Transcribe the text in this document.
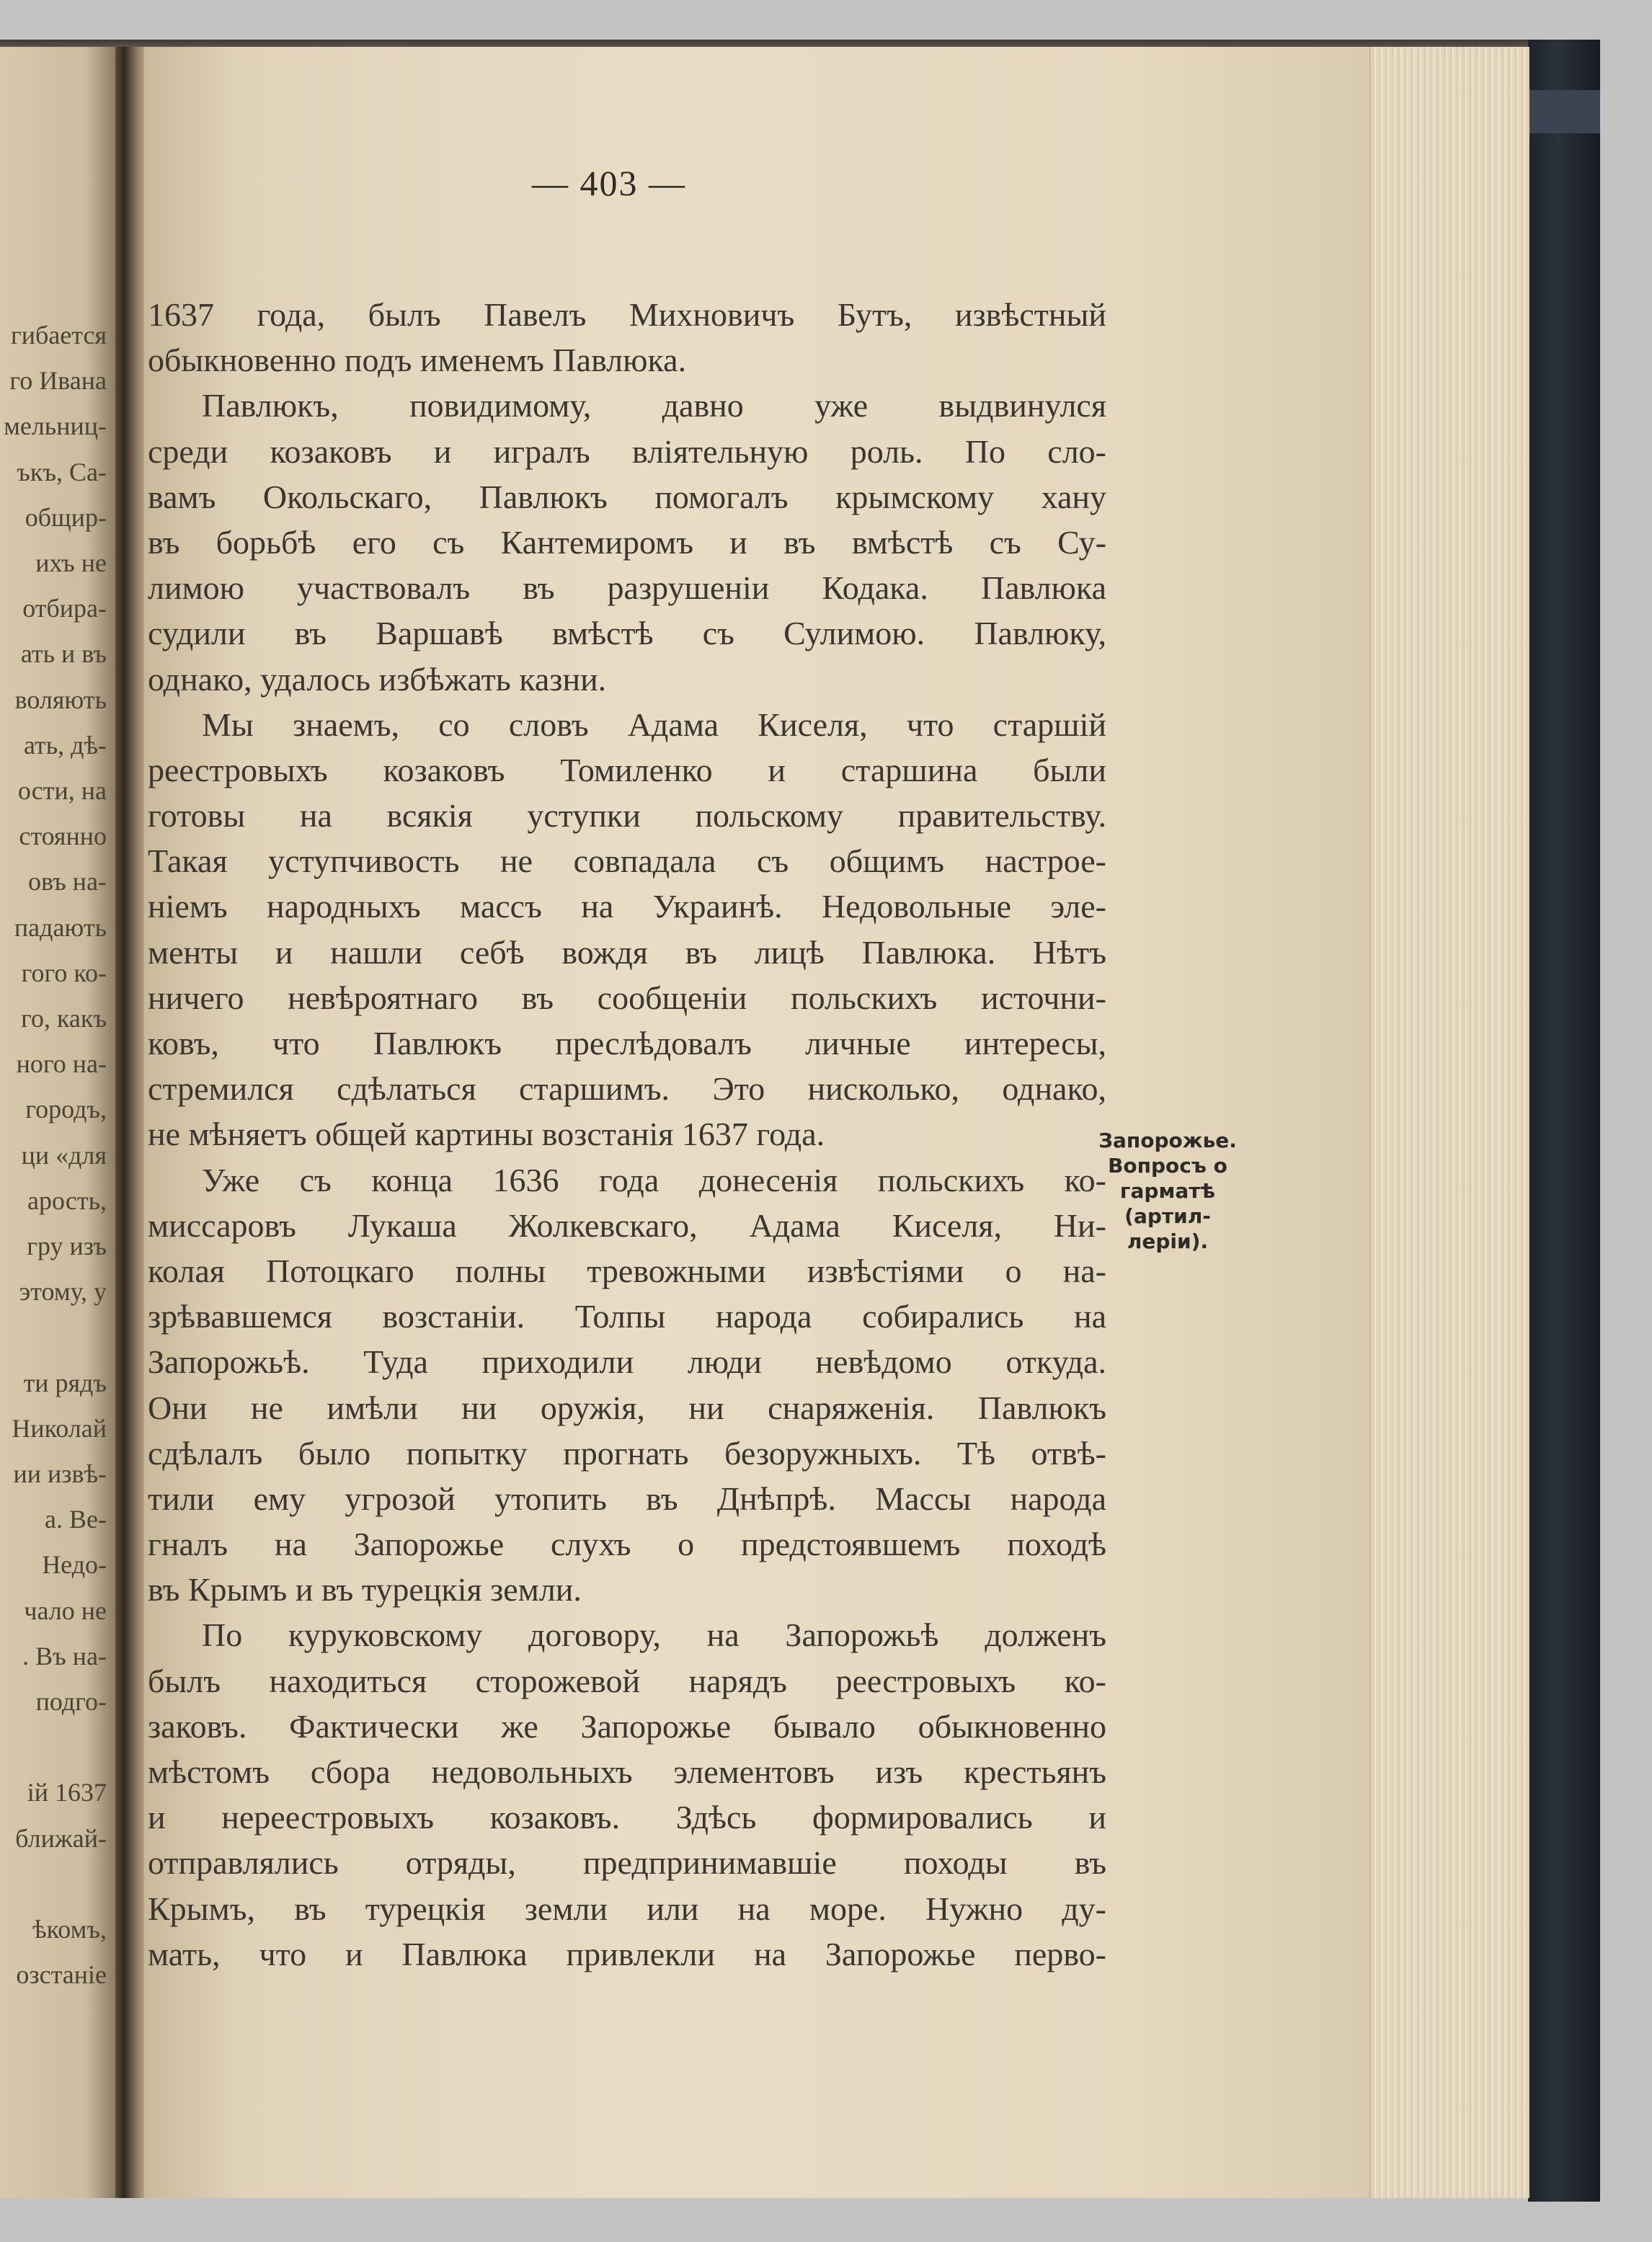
гибается
го Ивана
мельниц-
ъкъ, Са-
общир-
ихъ не
отбира-
ать и въ
воляють
ать, дѣ-
ости, на
стоянно
овъ на-
падають
гого ко-
го, какъ
ного на-
городъ,
ци «для
арость,
гру изъ
этому, у
ти рядъ
Николай
ии извѣ-
а. Ве-
Недо-
чало не
. Въ на-
подго-
ій 1637
ближай-
ѣкомъ,
озстаніе
— 403 —
1637 года, былъ Павелъ Михновичъ Бутъ, извѣстный
обыкновенно подъ именемъ Павлюка.
Павлюкъ, повидимому, давно уже выдвинулся
среди козаковъ и игралъ вліятельную роль. По сло-
вамъ Окольскаго, Павлюкъ помогалъ крымскому хану
въ борьбѣ его съ Кантемиромъ и въ вмѣстѣ съ Су-
лимою участвовалъ въ разрушеніи Кодака. Павлюка
судили въ Варшавѣ вмѣстѣ съ Сулимою. Павлюку,
однако, удалось избѣжать казни.
Мы знаемъ, со словъ Адама Киселя, что старшій
реестровыхъ козаковъ Томиленко и старшина были
готовы на всякія уступки польскому правительству.
Такая уступчивость не совпадала съ общимъ настрое-
ніемъ народныхъ массъ на Украинѣ. Недовольные эле-
менты и нашли себѣ вождя въ лицѣ Павлюка. Нѣтъ
ничего невѣроятнаго въ сообщеніи польскихъ источни-
ковъ, что Павлюкъ преслѣдовалъ личные интересы,
стремился сдѣлаться старшимъ. Это нисколько, однако,
не мѣняетъ общей картины возстанія 1637 года.
Уже съ конца 1636 года донесенія польскихъ ко-
миссаровъ Лукаша Жолкевскаго, Адама Киселя, Ни-
колая Потоцкаго полны тревожными извѣстіями о на-
зрѣвавшемся возстаніи. Толпы народа собирались на
Запорожьѣ. Туда приходили люди невѣдомо откуда.
Они не имѣли ни оружія, ни снаряженія. Павлюкъ
сдѣлалъ было попытку прогнать безоружныхъ. Тѣ отвѣ-
тили ему угрозой утопить въ Днѣпрѣ. Массы народа
гналъ на Запорожье слухъ о предстоявшемъ походѣ
въ Крымъ и въ турецкія земли.
По куруковскому договору, на Запорожьѣ долженъ
былъ находиться сторожевой нарядъ реестровыхъ ко-
заковъ. Фактически же Запорожье бывало обыкновенно
мѣстомъ сбора недовольныхъ элементовъ изъ крестьянъ
и нереестровыхъ козаковъ. Здѣсь формировались и
отправлялись отряды, предпринимавшіе походы въ
Крымъ, въ турецкія земли или на море. Нужно ду-
мать, что и Павлюка привлекли на Запорожье перво-
Запорожье.
Вопросъ о
гарматѣ
(артил-
леріи).
